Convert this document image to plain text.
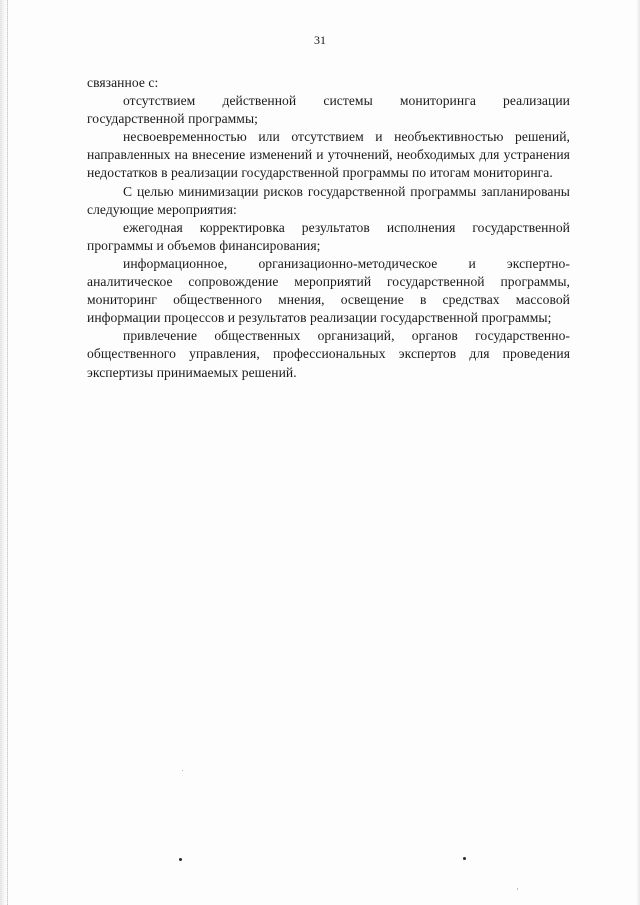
31

связанное с:

отсутствием действенной системы мониторинга реализации государственной программы;

несвоевременностью или отсутствием и необъективностью решений, направленных на внесение изменений и уточнений, необходимых для устранения недостатков в реализации государственной программы по итогам мониторинга.

С целью минимизации рисков государственной программы запланированы следующие мероприятия:

ежегодная корректировка результатов исполнения государственной программы и объемов финансирования;

информационное, организационно-методическое и экспертно-аналитическое сопровождение мероприятий государственной программы, мониторинг общественного мнения, освещение в средствах массовой информации процессов и результатов реализации государственной программы;

привлечение общественных организаций, органов государственно-общественного управления, профессиональных экспертов для проведения экспертизы принимаемых решений.
